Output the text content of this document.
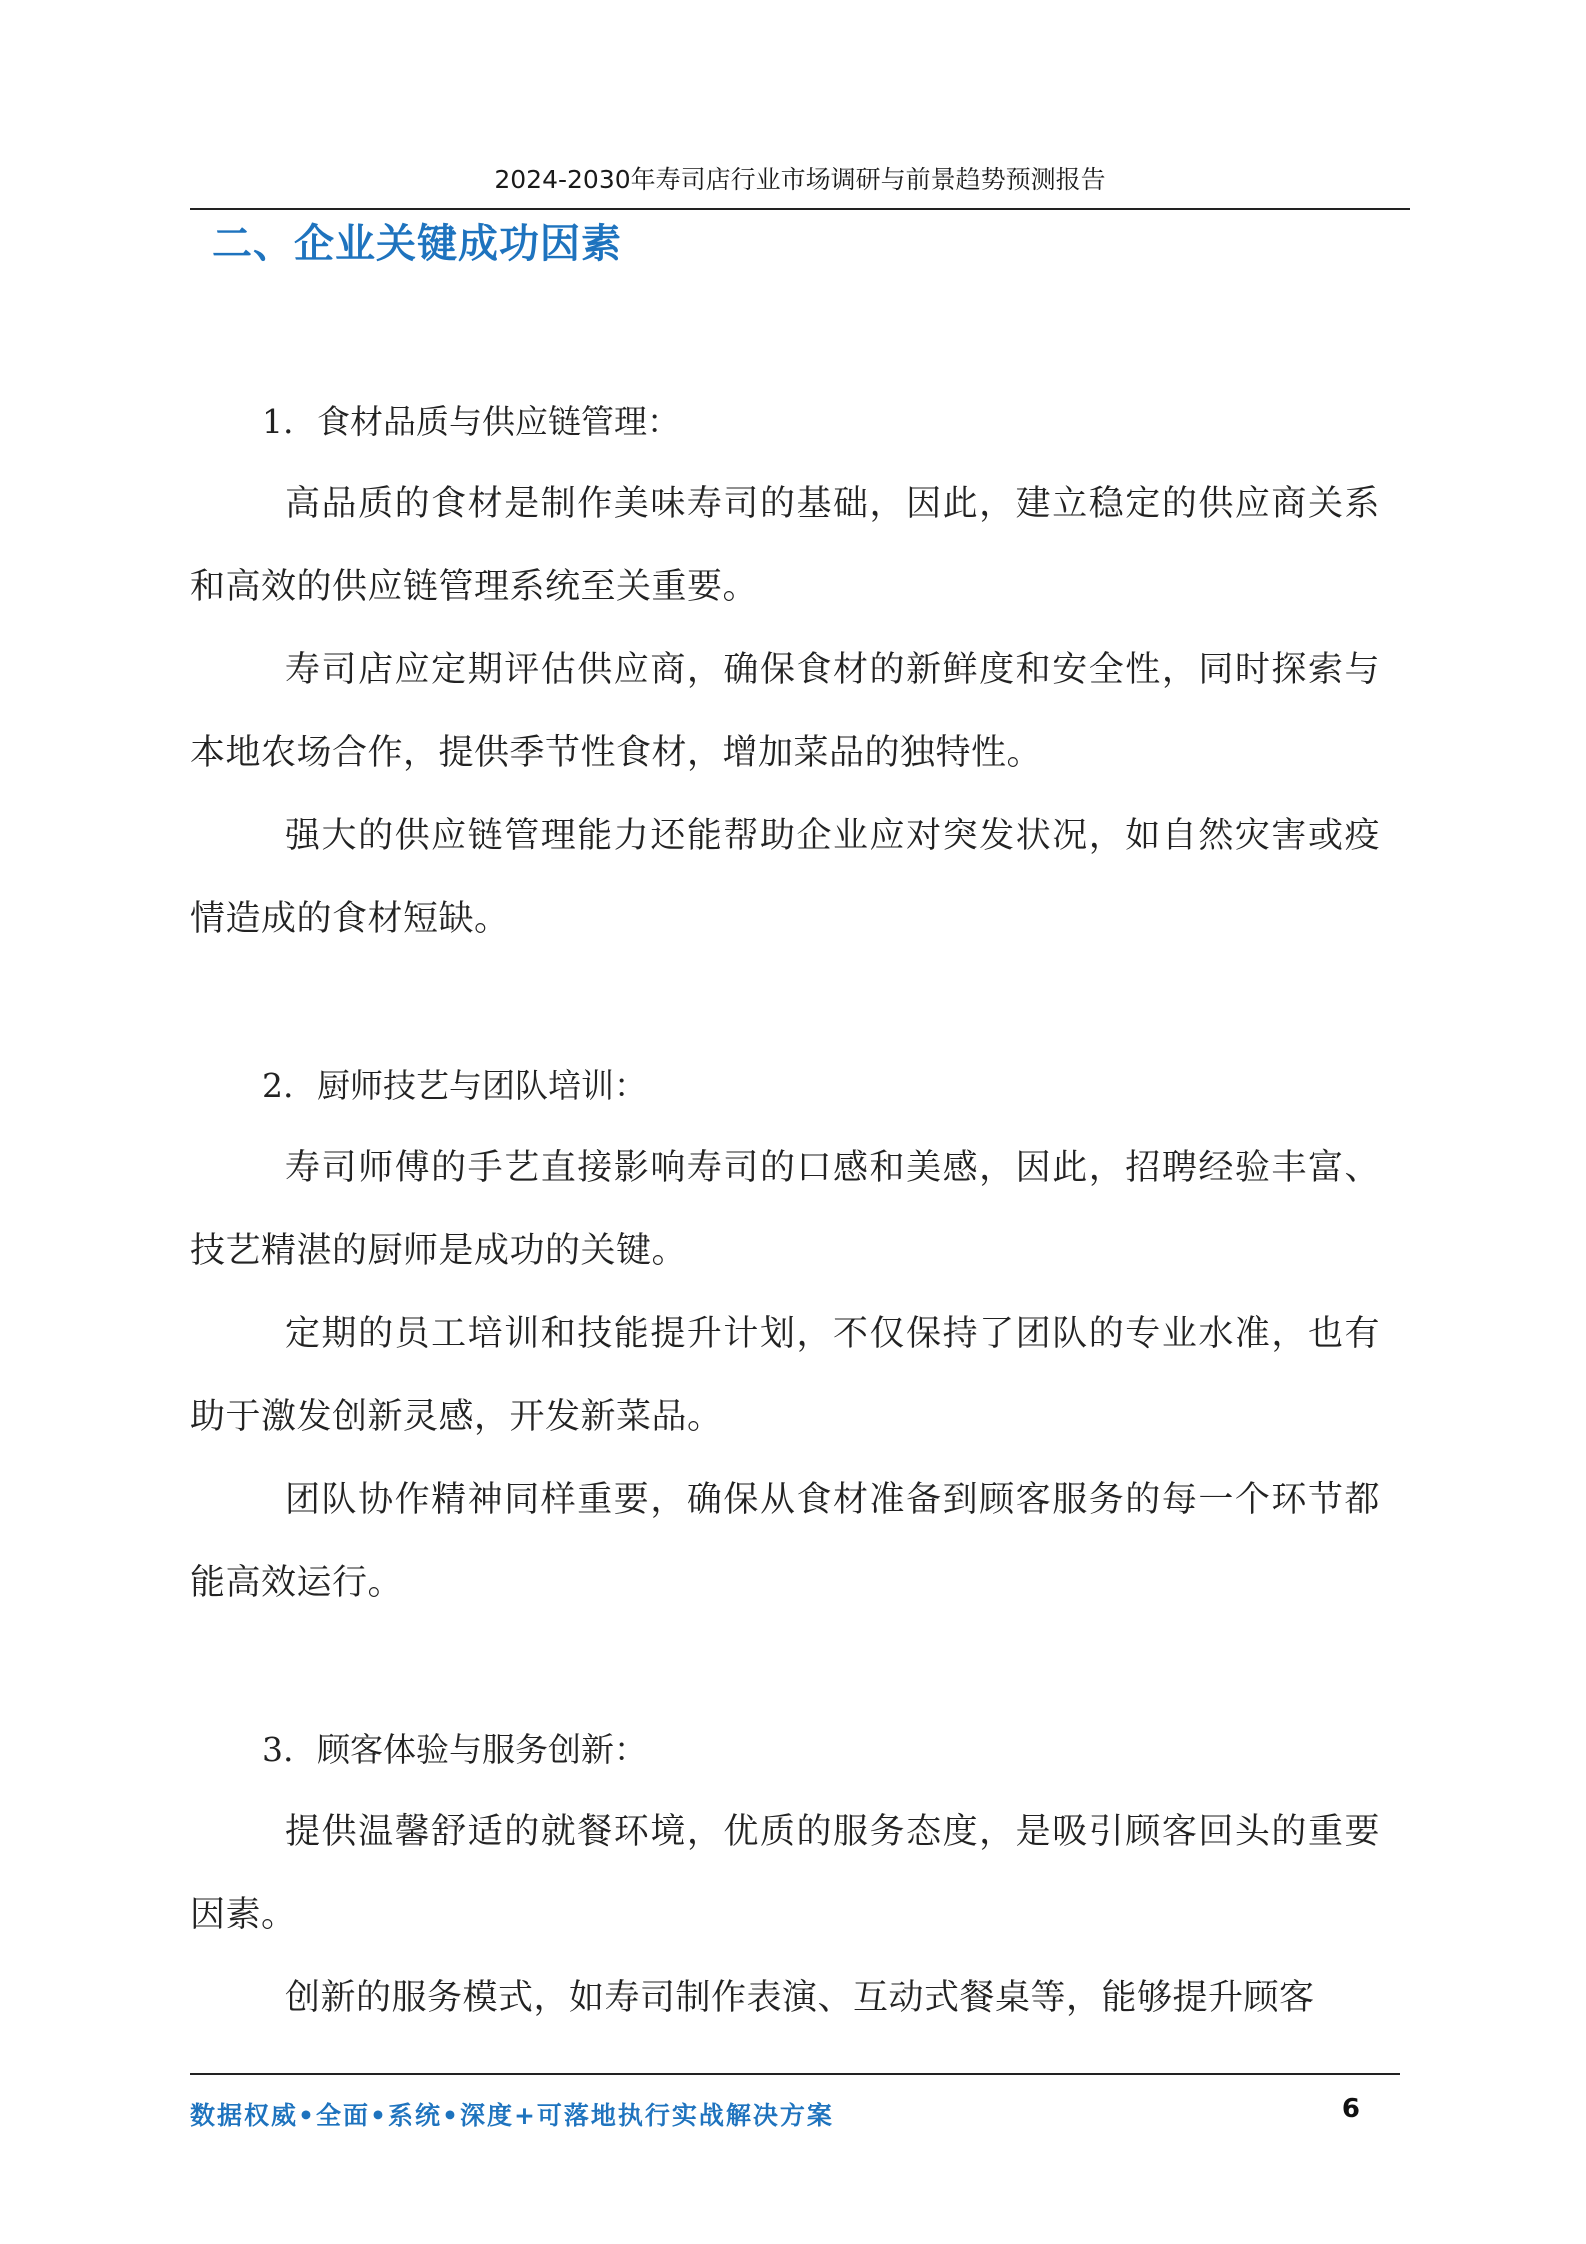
2024-2030年寿司店行业市场调研与前景趋势预测报告
二、企业关键成功因素
1. 食材品质与供应链管理：

高品质的食材是制作美味寿司的基础，因此，建立稳定的供应商关系和高效的供应链管理系统至关重要。

寿司店应定期评估供应商，确保食材的新鲜度和安全性，同时探索与本地农场合作，提供季节性食材，增加菜品的独特性。

强大的供应链管理能力还能帮助企业应对突发状况，如自然灾害或疫情造成的食材短缺。

2. 厨师技艺与团队培训：

寿司师傅的手艺直接影响寿司的口感和美感，因此，招聘经验丰富、技艺精湛的厨师是成功的关键。

定期的员工培训和技能提升计划，不仅保持了团队的专业水准，也有助于激发创新灵感，开发新菜品。

团队协作精神同样重要，确保从食材准备到顾客服务的每一个环节都能高效运行。

3. 顾客体验与服务创新：

提供温馨舒适的就餐环境，优质的服务态度，是吸引顾客回头的重要因素。

创新的服务模式，如寿司制作表演、互动式餐桌等，能够提升顾客

数据权威•全面•系统•深度+可落地执行实战解决方案	6
